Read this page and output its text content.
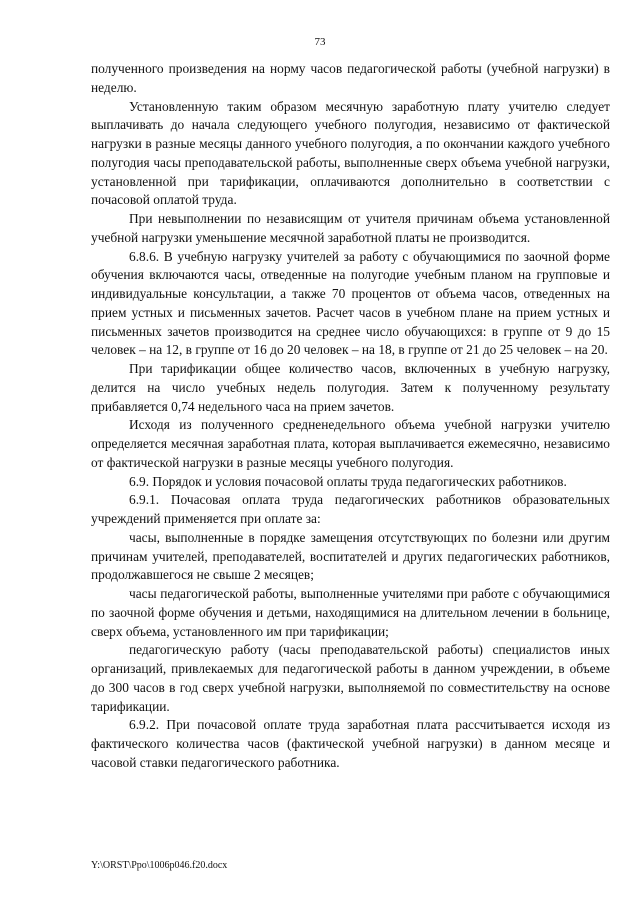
73

полученного произведения на норму часов педагогической работы (учебной нагрузки) в неделю.

Установленную таким образом месячную заработную плату учителю следует выплачивать до начала следующего учебного полугодия, независимо от фактической нагрузки в разные месяцы данного учебного полугодия, а по окончании каждого учебного полугодия часы преподавательской работы, выполненные сверх объема учебной нагрузки, установленной при тарификации, оплачиваются дополнительно в соответствии с почасовой оплатой труда.

При невыполнении по независящим от учителя причинам объема установленной учебной нагрузки уменьшение месячной заработной платы не производится.

6.8.6. В учебную нагрузку учителей за работу с обучающимися по заочной форме обучения включаются часы, отведенные на полугодие учебным планом на групповые и индивидуальные консультации, а также 70 процентов от объема часов, отведенных на прием устных и письменных зачетов. Расчет часов в учебном плане на прием устных и письменных зачетов производится на среднее число обучающихся: в группе от 9 до 15 человек – на 12, в группе от 16 до 20 человек – на 18, в группе от 21 до 25 человек – на 20.

При тарификации общее количество часов, включенных в учебную нагрузку, делится на число учебных недель полугодия. Затем к полученному результату прибавляется 0,74 недельного часа на прием зачетов.

Исходя из полученного средненедельного объема учебной нагрузки учителю определяется месячная заработная плата, которая выплачивается ежемесячно, независимо от фактической нагрузки в разные месяцы учебного полугодия.

6.9. Порядок и условия почасовой оплаты труда педагогических работников.

6.9.1. Почасовая оплата труда педагогических работников образовательных учреждений применяется при оплате за:

часы, выполненные в порядке замещения отсутствующих по болезни или другим причинам учителей, преподавателей, воспитателей и других педагогических работников, продолжавшегося не свыше 2 месяцев;

часы педагогической работы, выполненные учителями при работе с обучающимися по заочной форме обучения и детьми, находящимися на длительном лечении в больнице, сверх объема, установленного им при тарификации;

педагогическую работу (часы преподавательской работы) специалистов иных организаций, привлекаемых для педагогической работы в данном учреждении, в объеме до 300 часов в год сверх учебной нагрузки, выполняемой по совместительству на основе тарификации.

6.9.2. При почасовой оплате труда заработная плата рассчитывается исходя из фактического количества часов (фактической учебной нагрузки) в данном месяце и часовой ставки педагогического работника.

Y:\ORST\Ppo\1006p046.f20.docx
